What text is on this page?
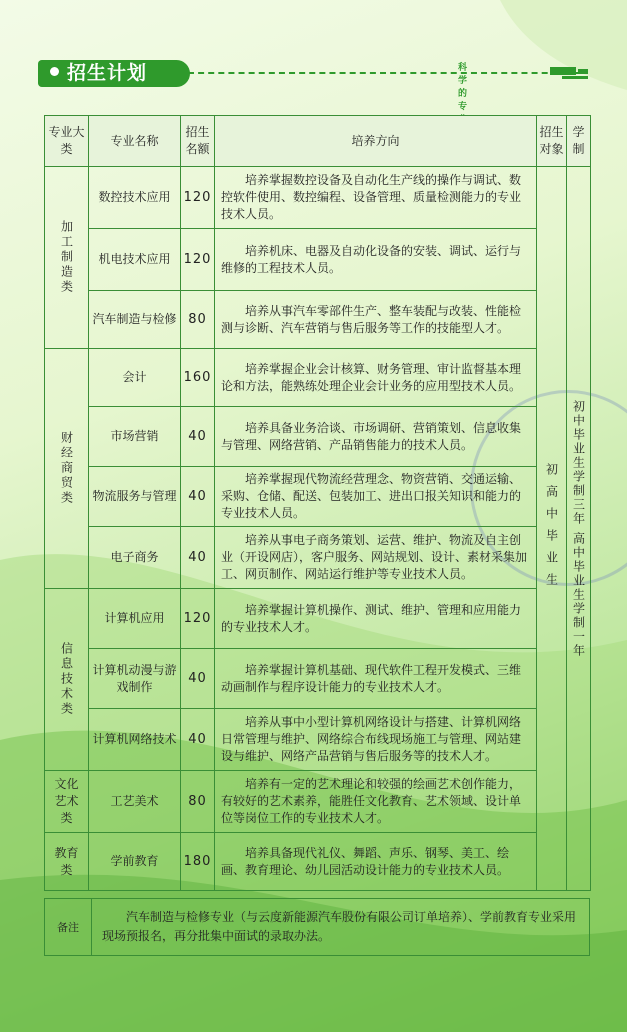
招生计划	科学的专
专业大类	专业名称	招生名额	培养方向	招生对象	学制

加工制造类	数控技术应用	120	培养掌握数控设备及自动化生产线的操作与调试、数控软件使用、数控编程、设备管理、质量检测能力的专业技术人员。	初高中毕业生	初中毕业生学制三年 高中毕业生学制一年

	机电技术应用	120	培养机床、电器及自动化设备的安装、调试、运行与维修的工程技术人员。		
	汽车制造与检修	80	培养从事汽车零部件生产、整车装配与改装、性能检测与诊断、汽车营销与售后服务等工作的技能型人才。		

财经商贸类	会计	160	培养掌握企业会计核算、财务管理、审计监督基本理论和方法，能熟练处理企业会计业务的应用型技术人员。		
	市场营销	40	培养具备业务洽谈、市场调研、营销策划、信息收集与管理、网络营销、产品销售能力的技术人员。		
	物流服务与管理	40	培养掌握现代物流经营理念、物资营销、交通运输、采购、仓储、配送、包装加工、进出口报关知识和能力的专业技术人员。		
	电子商务	40	培养从事电子商务策划、运营、维护、物流及自主创业（开设网店），客户服务、网站规划、设计、素材采集加工、网页制作、网站运行维护等专业技术人员。		

信息技术类	计算机应用	120	培养掌握计算机操作、测试、维护、管理和应用能力的专业技术人才。		
	计算机动漫与游戏制作	40	培养掌握计算机基础、现代软件工程开发模式、三维动画制作与程序设计能力的专业技术人才。		
	计算机网络技术	40	培养从事中小型计算机网络设计与搭建、计算机网络日常管理与维护、网络综合布线现场施工与管理、网站建设与维护、网络产品营销与售后服务等的技术人才。		

文化艺术类	工艺美术	80	培养有一定的艺术理论和较强的绘画艺术创作能力，有较好的艺术素养，能胜任文化教育、艺术领域、设计单位等岗位工作的专业技术人才。		

教育类	学前教育	180	培养具备现代礼仪、舞蹈、声乐、钢琴、美工、绘画、教育理论、幼儿园活动设计能力的专业技术人员。		
备注	汽车制造与检修专业（与云度新能源汽车股份有限公司订单培养）、学前教育专业采用现场预报名，再分批集中面试的录取办法。
